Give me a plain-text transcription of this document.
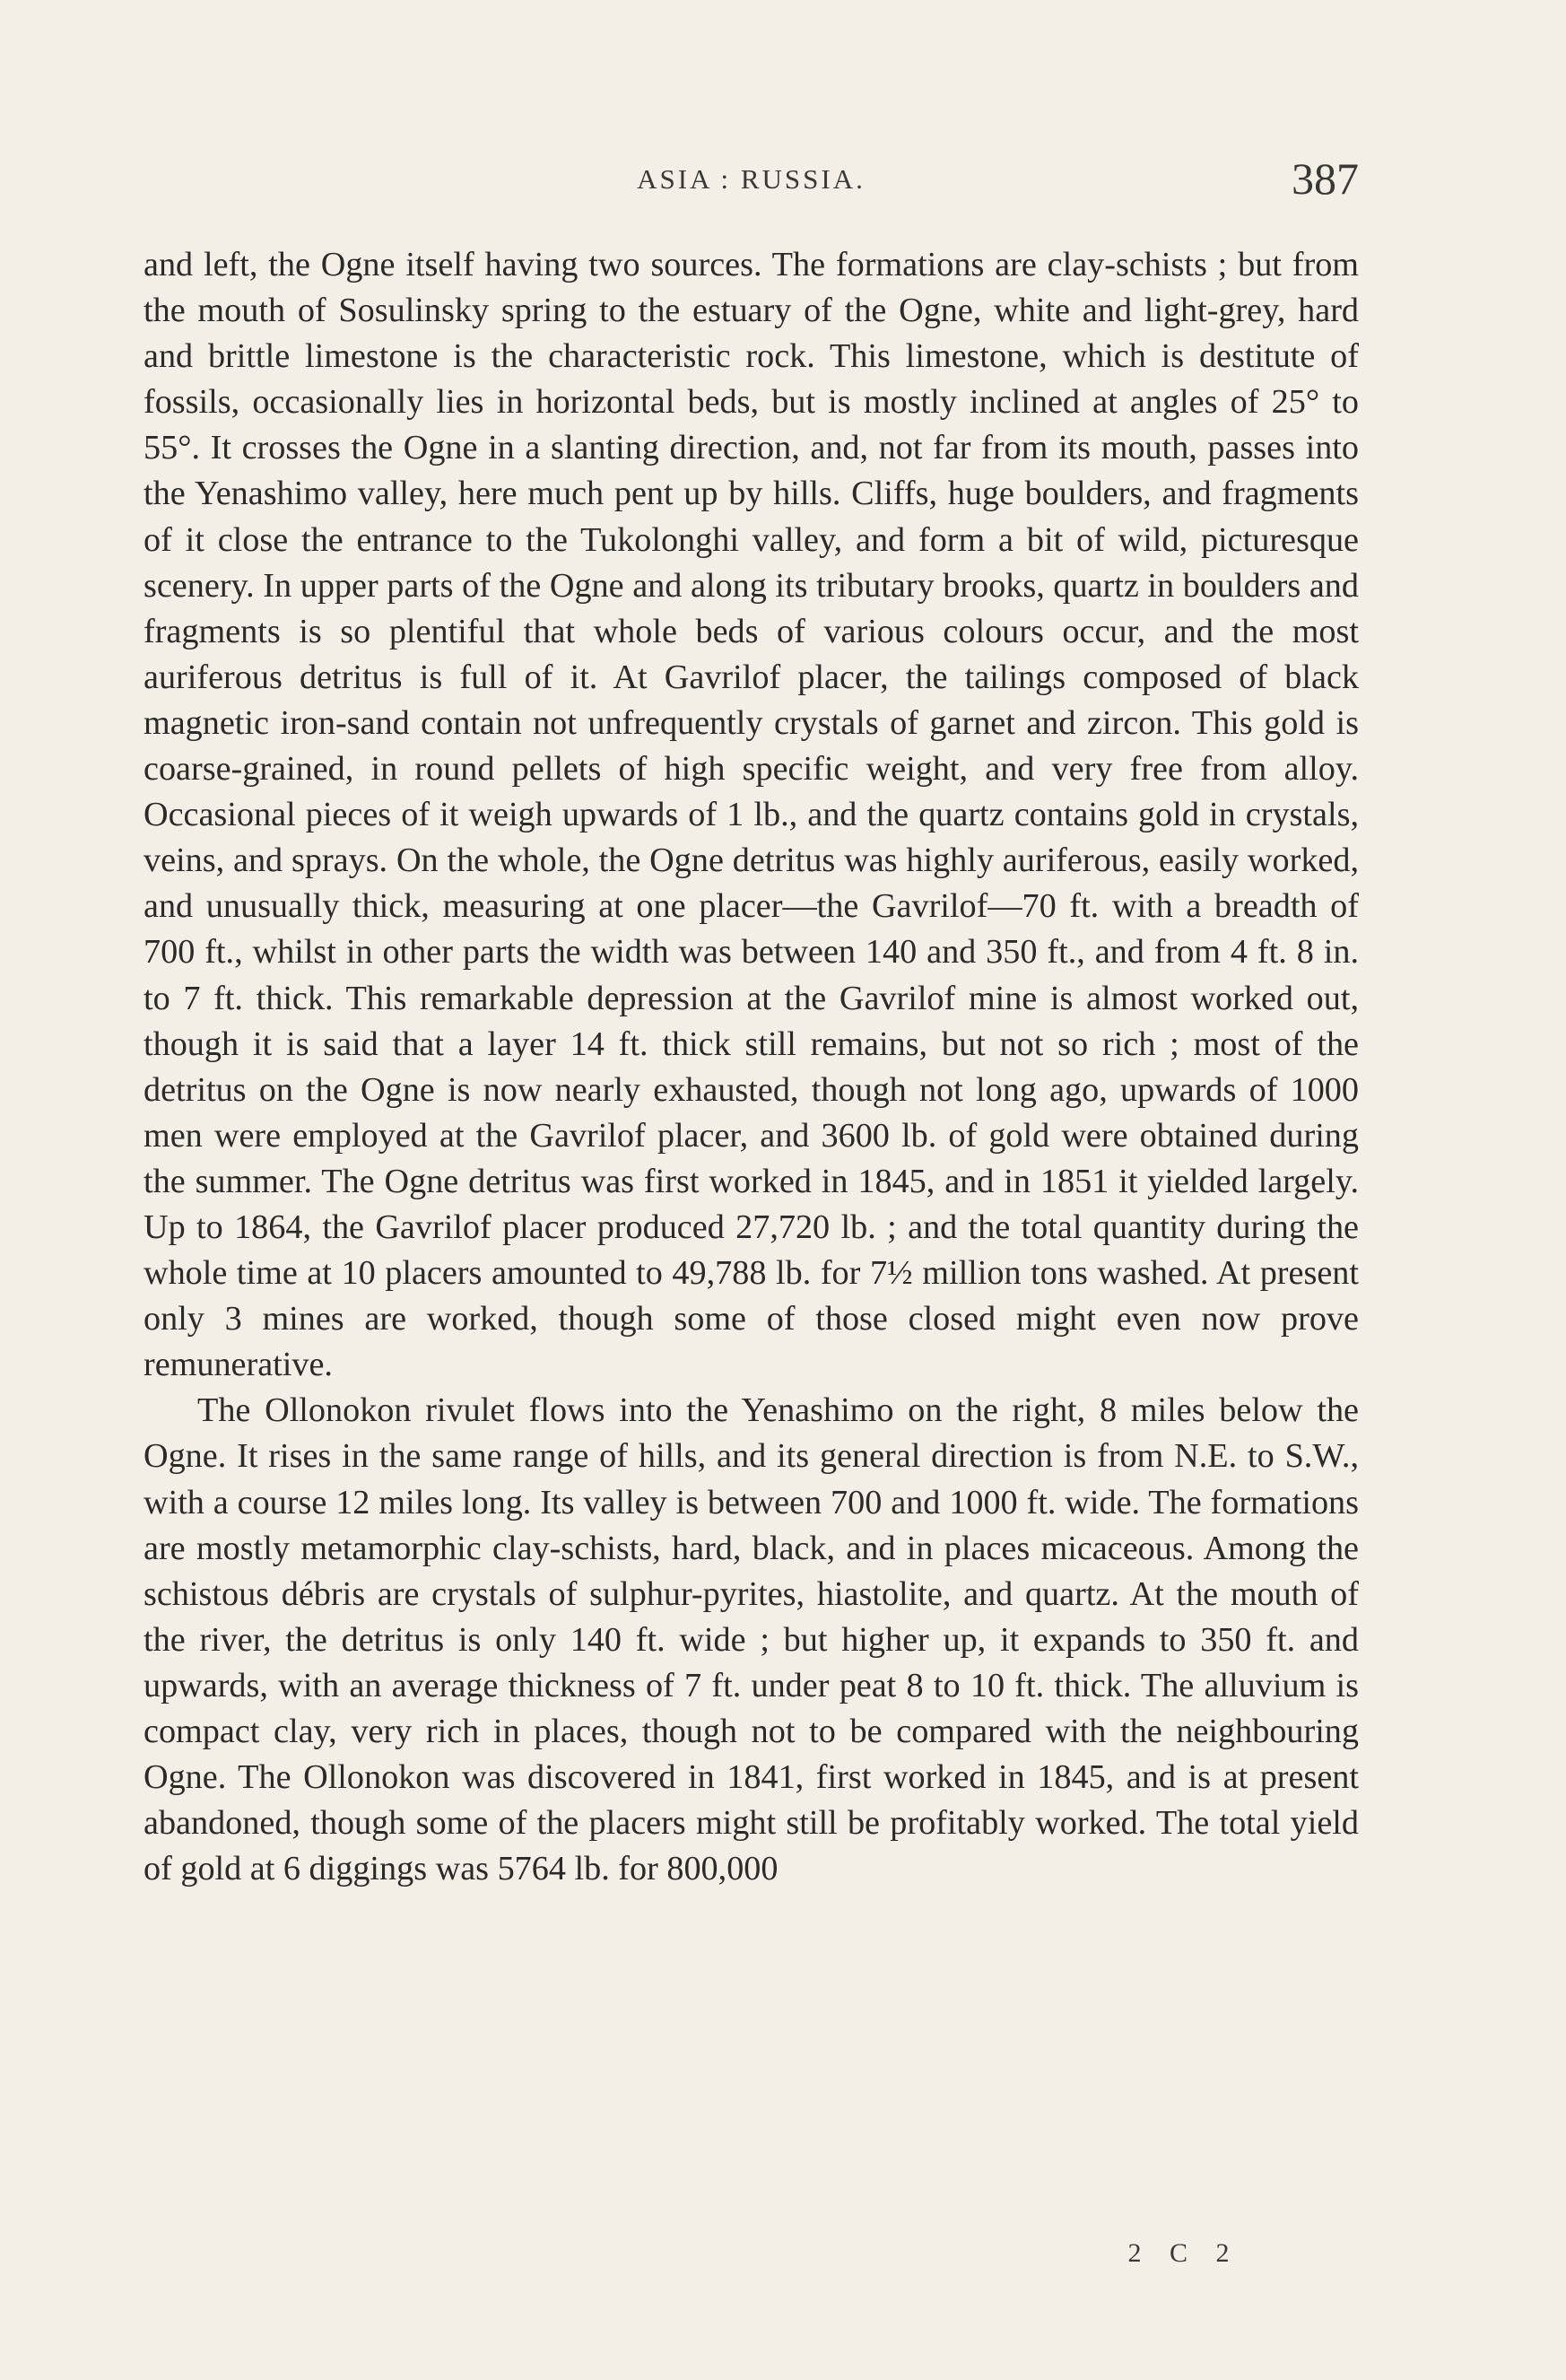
ASIA : RUSSIA.	387

and left, the Ogne itself having two sources. The formations are clay-schists ; but from the mouth of Sosulinsky spring to the estuary of the Ogne, white and light-grey, hard and brittle limestone is the characteristic rock. This limestone, which is destitute of fossils, occasionally lies in horizontal beds, but is mostly inclined at angles of 25° to 55°. It crosses the Ogne in a slanting direction, and, not far from its mouth, passes into the Yenashimo valley, here much pent up by hills. Cliffs, huge boulders, and fragments of it close the entrance to the Tukolonghi valley, and form a bit of wild, picturesque scenery. In upper parts of the Ogne and along its tributary brooks, quartz in boulders and fragments is so plentiful that whole beds of various colours occur, and the most auriferous detritus is full of it. At Gavrilof placer, the tailings composed of black magnetic iron-sand contain not unfrequently crystals of garnet and zircon. This gold is coarse-grained, in round pellets of high specific weight, and very free from alloy. Occasional pieces of it weigh upwards of 1 lb., and the quartz contains gold in crystals, veins, and sprays. On the whole, the Ogne detritus was highly auriferous, easily worked, and unusually thick, measuring at one placer—the Gavrilof—70 ft. with a breadth of 700 ft., whilst in other parts the width was between 140 and 350 ft., and from 4 ft. 8 in. to 7 ft. thick. This remarkable depression at the Gavrilof mine is almost worked out, though it is said that a layer 14 ft. thick still remains, but not so rich ; most of the detritus on the Ogne is now nearly exhausted, though not long ago, upwards of 1000 men were employed at the Gavrilof placer, and 3600 lb. of gold were obtained during the summer. The Ogne detritus was first worked in 1845, and in 1851 it yielded largely. Up to 1864, the Gavrilof placer produced 27,720 lb. ; and the total quantity during the whole time at 10 placers amounted to 49,788 lb. for 7½ million tons washed. At present only 3 mines are worked, though some of those closed might even now prove remunerative.

The Ollonokon rivulet flows into the Yenashimo on the right, 8 miles below the Ogne. It rises in the same range of hills, and its general direction is from N.E. to S.W., with a course 12 miles long. Its valley is between 700 and 1000 ft. wide. The formations are mostly metamorphic clay-schists, hard, black, and in places micaceous. Among the schistous débris are crystals of sulphur-pyrites, hiastolite, and quartz. At the mouth of the river, the detritus is only 140 ft. wide ; but higher up, it expands to 350 ft. and upwards, with an average thickness of 7 ft. under peat 8 to 10 ft. thick. The alluvium is compact clay, very rich in places, though not to be compared with the neighbouring Ogne. The Ollonokon was discovered in 1841, first worked in 1845, and is at present abandoned, though some of the placers might still be profitably worked. The total yield of gold at 6 diggings was 5764 lb. for 800,000

2 C 2
